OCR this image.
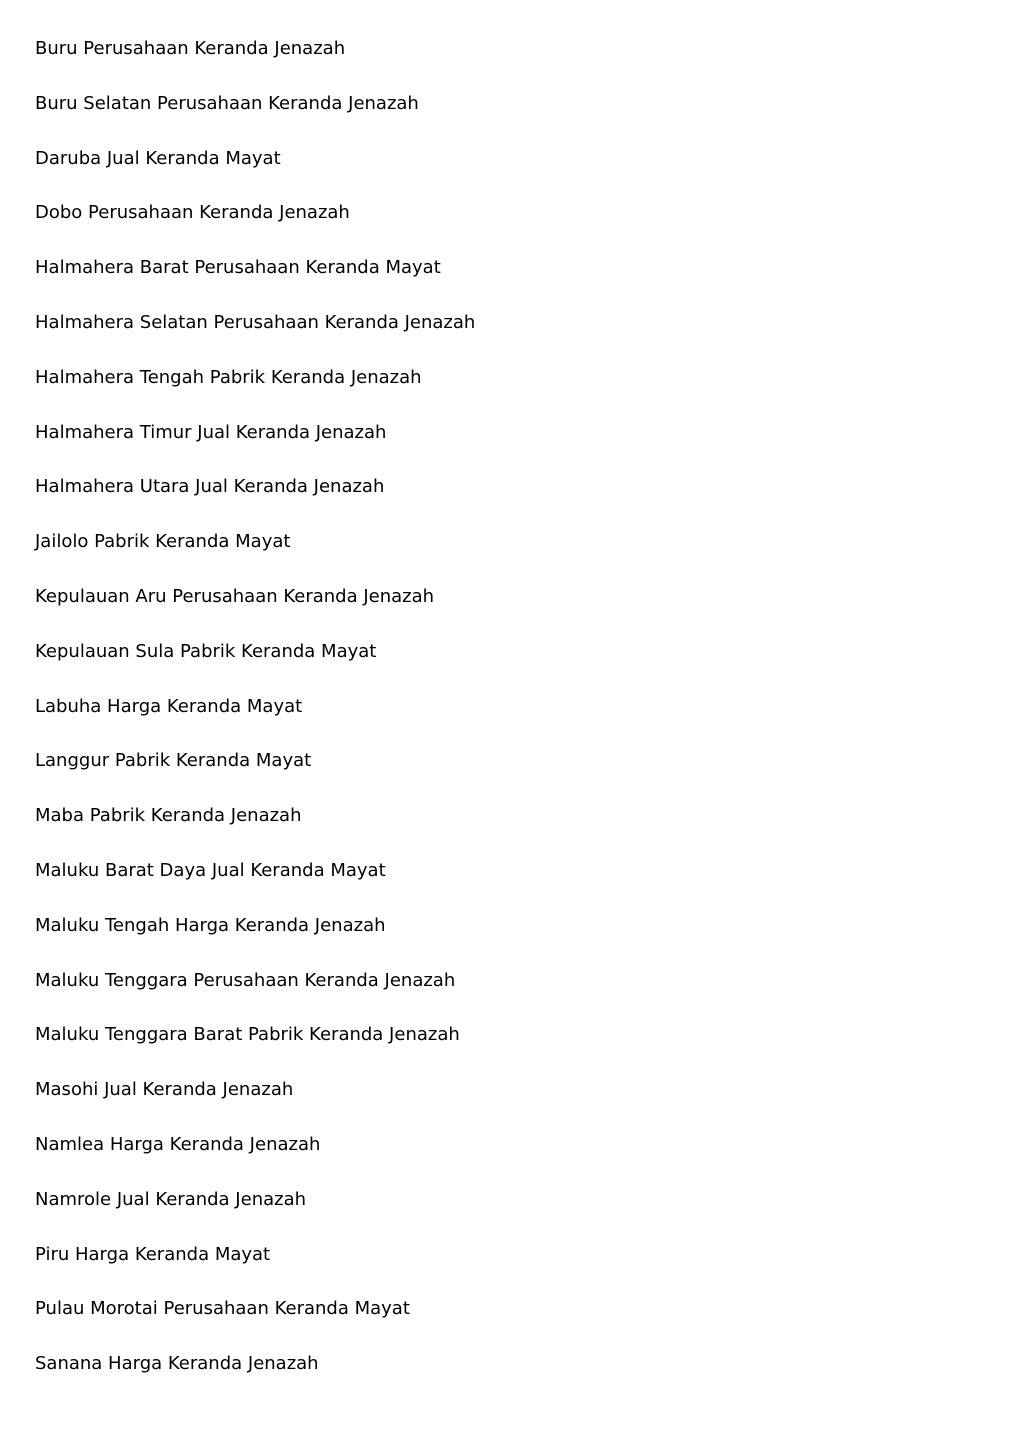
Buru Perusahaan Keranda Jenazah
Buru Selatan Perusahaan Keranda Jenazah
Daruba Jual Keranda Mayat
Dobo Perusahaan Keranda Jenazah
Halmahera Barat Perusahaan Keranda Mayat
Halmahera Selatan Perusahaan Keranda Jenazah
Halmahera Tengah Pabrik Keranda Jenazah
Halmahera Timur Jual Keranda Jenazah
Halmahera Utara Jual Keranda Jenazah
Jailolo Pabrik Keranda Mayat
Kepulauan Aru Perusahaan Keranda Jenazah
Kepulauan Sula Pabrik Keranda Mayat
Labuha Harga Keranda Mayat
Langgur Pabrik Keranda Mayat
Maba Pabrik Keranda Jenazah
Maluku Barat Daya Jual Keranda Mayat
Maluku Tengah Harga Keranda Jenazah
Maluku Tenggara Perusahaan Keranda Jenazah
Maluku Tenggara Barat Pabrik Keranda Jenazah
Masohi Jual Keranda Jenazah
Namlea Harga Keranda Jenazah
Namrole Jual Keranda Jenazah
Piru Harga Keranda Mayat
Pulau Morotai Perusahaan Keranda Mayat
Sanana Harga Keranda Jenazah
